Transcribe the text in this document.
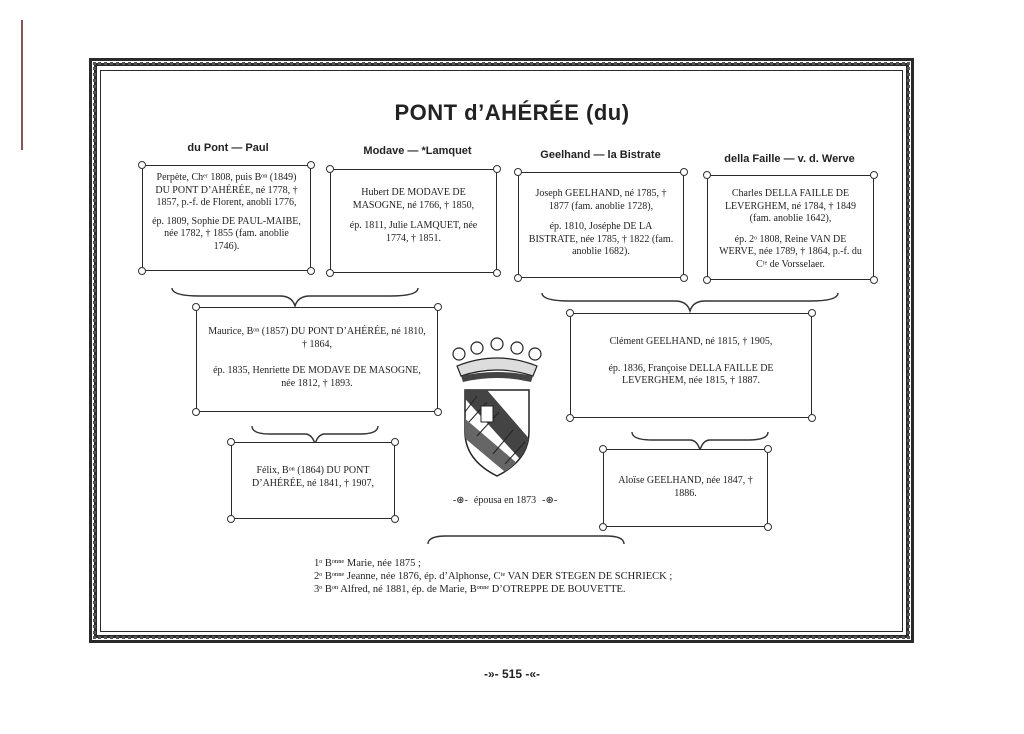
PONT d’AHÉRÉE (du)
du Pont — Paul	Modave — *Lamquet	Geelhand — la Bistrate	della Faille — v. d. Werve

Perpète, Chᵉʳ 1808, puis Bᵒⁿ (1849) DU PONT D’AHÉRÉE, né 1778, † 1857, p.-f. de Florent, anobli 1776,

ép. 1809, Sophie DE PAUL-MAIBE, née 1782, † 1855 (fam. anoblie 1746).

Hubert DE MODAVE DE MASOGNE, né 1766, † 1850,

ép. 1811, Julie LAMQUET, née 1774, † 1851.

Joseph GEELHAND, né 1785, † 1877 (fam. anoblie 1728),

ép. 1810, Joséphe DE LA BISTRATE, née 1785, † 1822 (fam. anoblie 1682).

Charles DELLA FAILLE DE LEVERGHEM, né 1784, † 1849 (fam. anoblie 1642),

ép. 2ᵒ 1808, Reine VAN DE WERVE, née 1789, † 1864, p.-f. du Cᵗᵉ de Vorsselaer.

Maurice, Bᵒⁿ (1857) DU PONT D’AHÉRÉE, né 1810, † 1864,

ép. 1835, Henriette DE MODAVE DE MASOGNE, née 1812, † 1893.

Clément GEELHAND, né 1815, † 1905,

ép. 1836, Françoise DELLA FAILLE DE LEVERGHEM, née 1815, † 1887.

Félix, Bᵒⁿ (1864) DU PONT D’AHÉRÉE, né 1841, † 1907,	Aloïse GEELHAND, née 1847, † 1886.

-⊛- épousa en 1873 -⊛-
1ᵒ Bᵒⁿⁿᵉ Marie, née 1875 ;
2ᵒ Bᵒⁿⁿᵉ Jeanne, née 1876, ép. d’Alphonse, Cᵗᵉ VAN DER STEGEN DE SCHRIECK ;
3ᵒ Bᵒⁿ Alfred, né 1881, ép. de Marie, Bᵒⁿⁿᵉ D’OTREPPE DE BOUVETTE.
-»- 515 -«-
